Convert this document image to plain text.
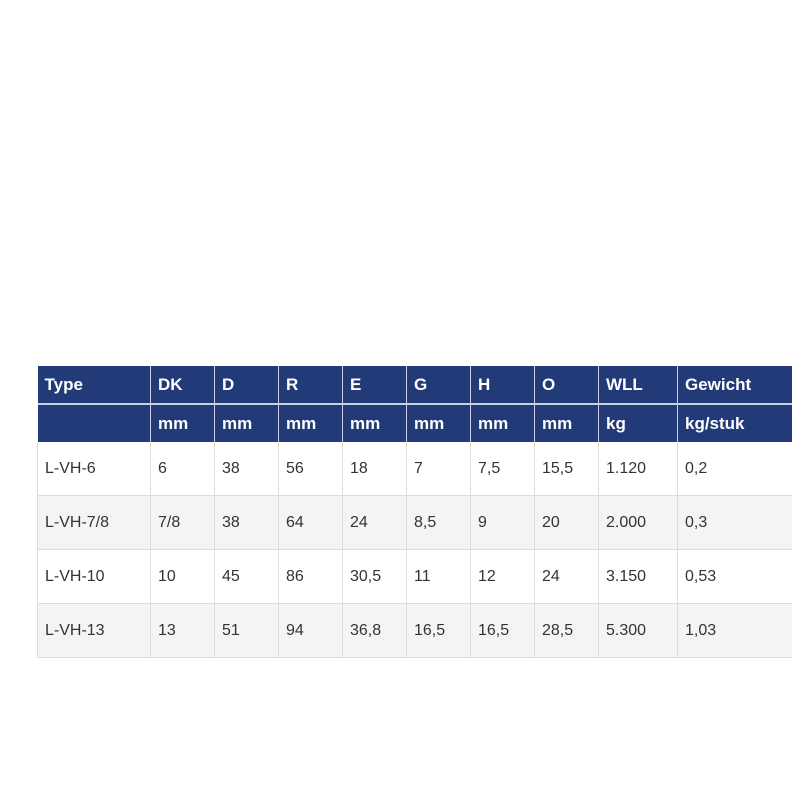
Type	DK	D	R	E	G	H	O	WLL	Gewicht
	mm	mm	mm	mm	mm	mm	mm	kg	kg/stuk
L-VH-6	6	38	56	18	7	7,5	15,5	1.120	0,2
L-VH-7/8	7/8	38	64	24	8,5	9	20	2.000	0,3
L-VH-10	10	45	86	30,5	11	12	24	3.150	0,53
L-VH-13	13	51	94	36,8	16,5	16,5	28,5	5.300	1,03
